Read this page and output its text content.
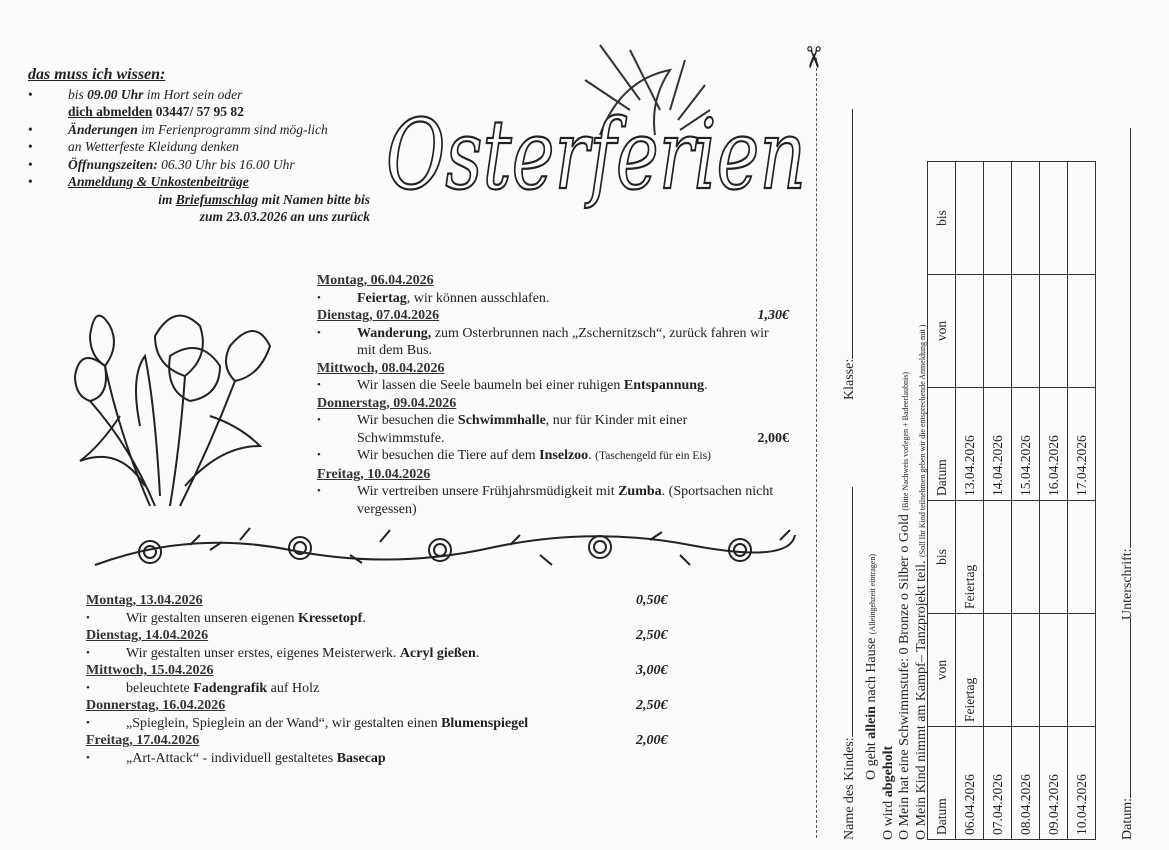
das muss ich wissen:
• bis 09.00 Uhr im Hort sein oder
dich abmelden 03447/ 57 95 82
• Änderungen im Ferienprogramm sind mög-lich
• an Wetterfeste Kleidung denken
• Öffnungszeiten: 06.30 Uhr bis 16.00 Uhr
• Anmeldung & Unkostenbeiträge
im Briefumschlag mit Namen bitte bis
zum 23.03.2026 an uns zurück
Osterferien
Montag, 06.04.2026
• Feiertag, wir können ausschlafen.
Dienstag, 07.04.2026	1,30€
• Wanderung, zum Osterbrunnen nach „Zschernitzsch“, zurück fahren wir mit dem Bus.
Mittwoch, 08.04.2026
• Wir lassen die Seele baumeln bei einer ruhigen Entspannung.
Donnerstag, 09.04.2026
• Wir besuchen die Schwimmhalle, nur für Kinder mit einer Schwimmstufe.	2,00€
• Wir besuchen die Tiere auf dem Inselzoo. (Taschengeld für ein Eis)
Freitag, 10.04.2026
• Wir vertreiben unsere Frühjahrsmüdigkeit mit Zumba. (Sportsachen nicht vergessen)
Montag, 13.04.2026	0,50€
• Wir gestalten unseren eigenen Kressetopf.
Dienstag, 14.04.2026	2,50€
• Wir gestalten unser erstes, eigenes Meisterwerk. Acryl gießen.
Mittwoch, 15.04.2026	3,00€
• beleuchtete Fadengrafik auf Holz
Donnerstag, 16.04.2026	2,50€
• „Spieglein, Spieglein an der Wand“, wir gestalten einen Blumenspiegel
Freitag, 17.04.2026	2,00€
• „Art-Attack“ - individuell gestaltetes Basecap
✂
Name des Kindes:
Klasse:
O geht allein nach Hause (Alleingehzeit eintragen)
O wird abgeholt O Mein hat eine Schwimmstufe: 0 Bronze o Silber o Gold (Bitte Nachweis vorlegen + Badeerlaubnis)
O Mein Kind nimmt am Kampf– Tanzprojekt teil. (Soll Ihr Kind teilnehmen geben wir die entsprechende Anmeldung mit )
Datum	von	bis	Datum	von	bis
06.04.2026	Feiertag	Feiertag	13.04.2026		
07.04.2026			14.04.2026		
08.04.2026			15.04.2026		
09.04.2026			16.04.2026		
10.04.2026			17.04.2026		
Datum:
Unterschrift:
